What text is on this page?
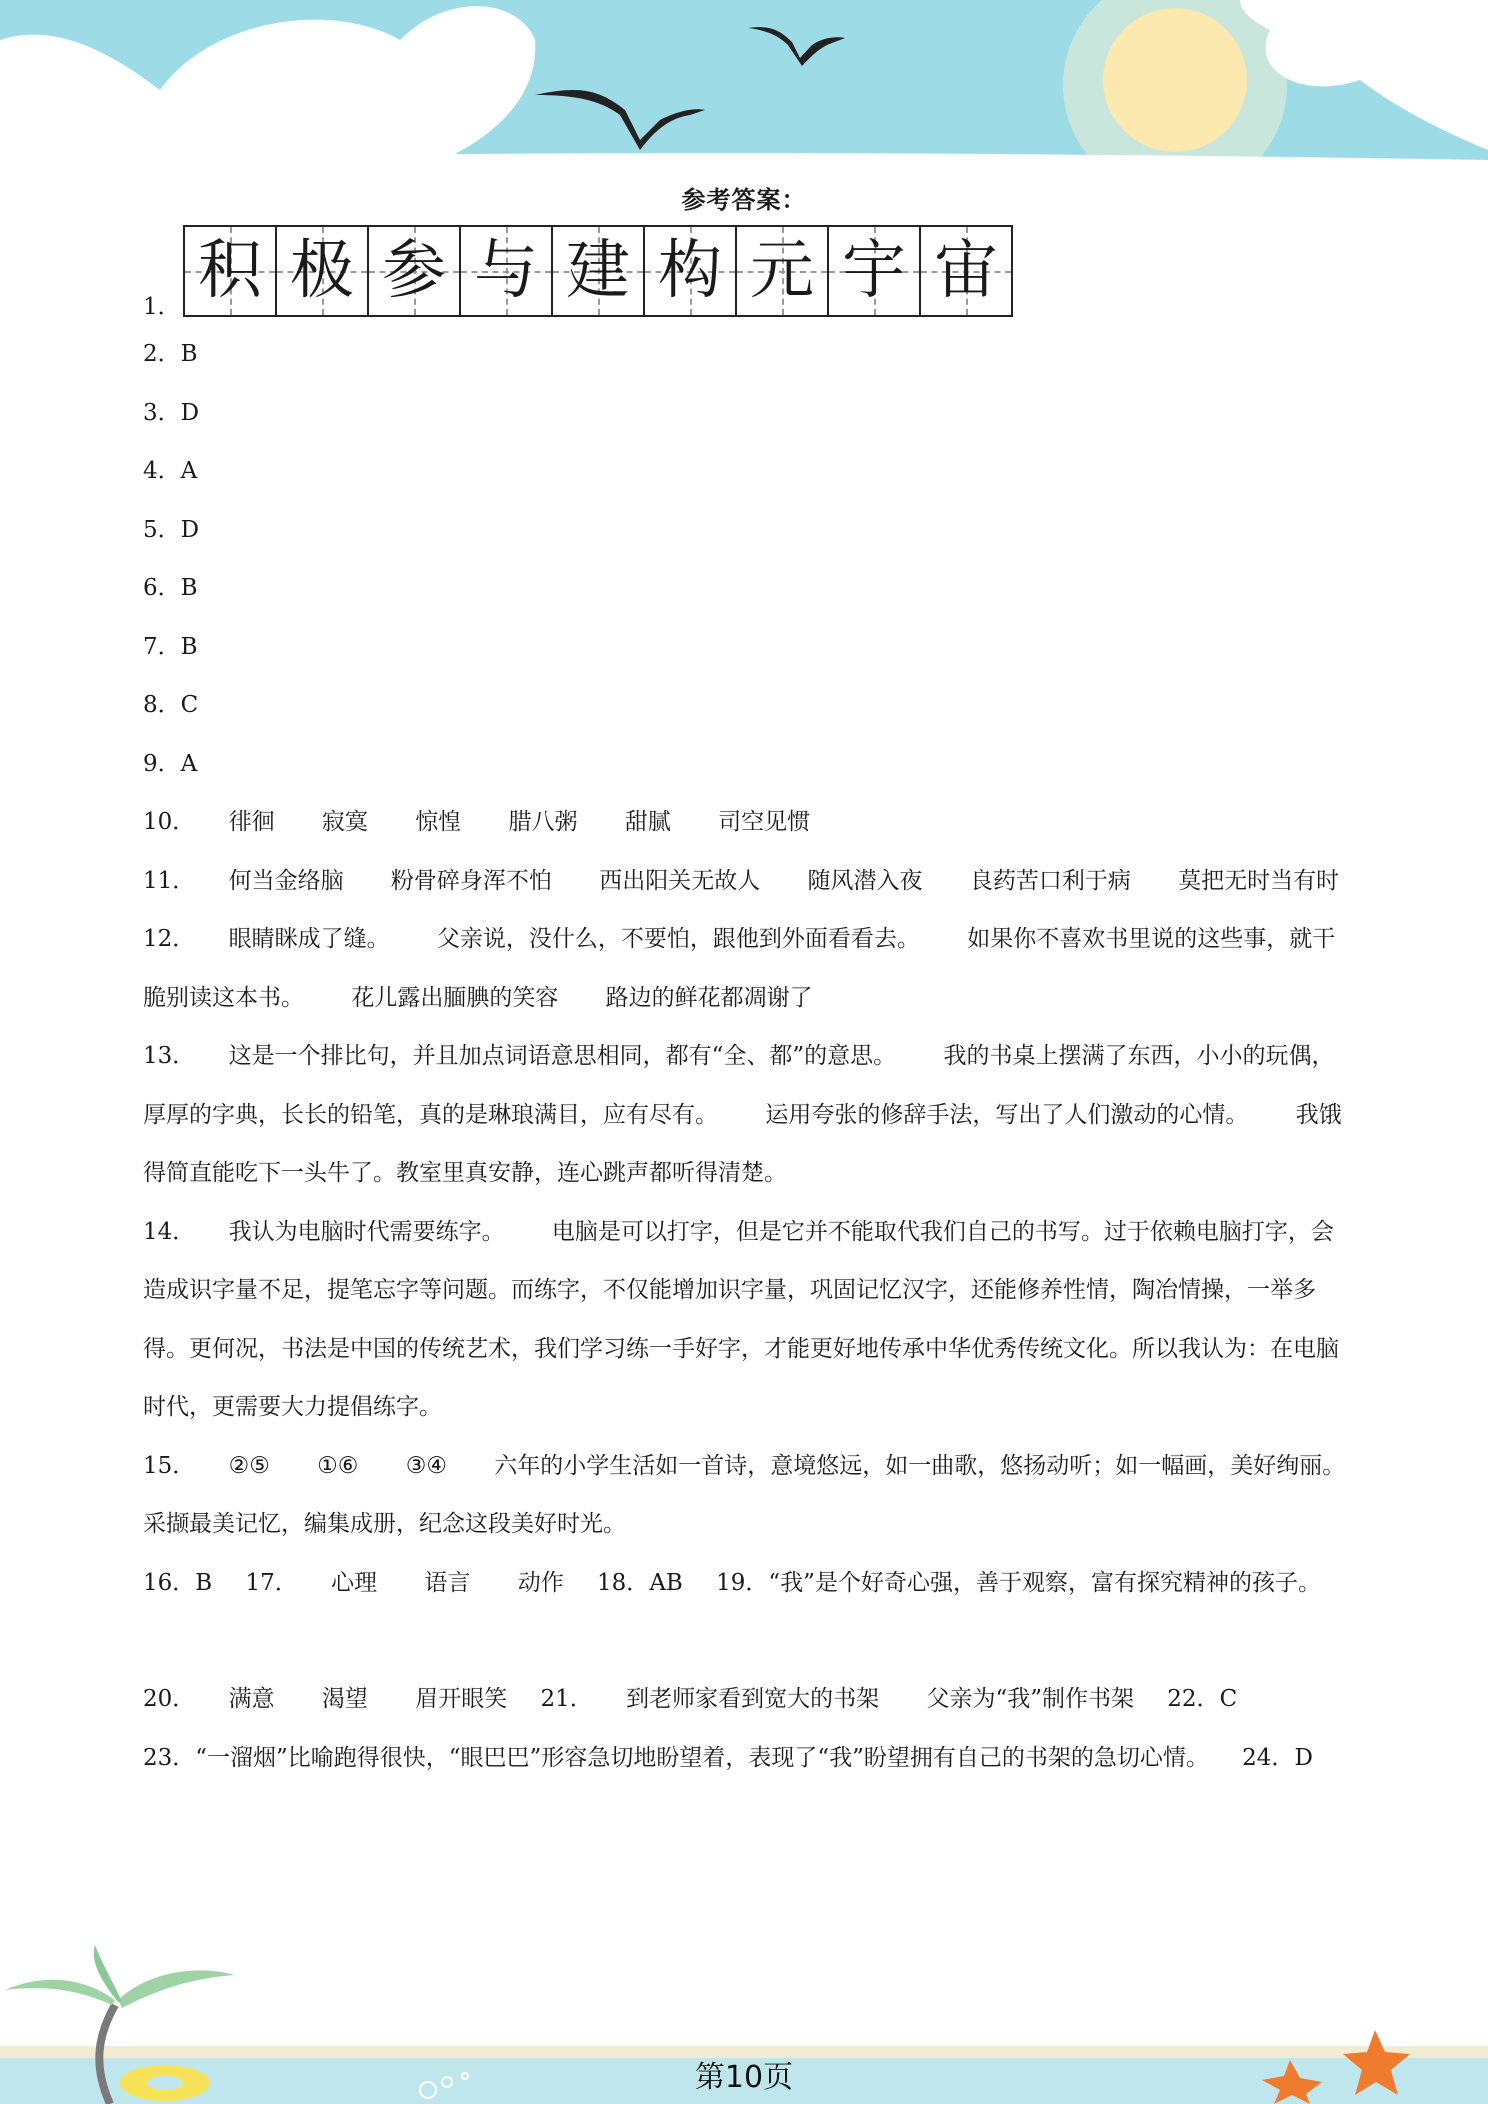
参考答案：
1． 积 极 参 与 建 构 元 宇 宙
2．B
3．D
4．A
5．D
6．B
7．B
8．C
9．A
10． 徘徊 寂寞 惊惶 腊八粥 甜腻 司空见惯
11． 何当金络脑 粉骨碎身浑不怕 西出阳关无故人 随风潜入夜 良药苦口利于病 莫把无时当有时
12． 眼睛眯成了缝。 父亲说，没什么，不要怕，跟他到外面看看去。 如果你不喜欢书里说的这些事，就干脆别读这本书。 花儿露出腼腆的笑容 路边的鲜花都凋谢了
13． 这是一个排比句，并且加点词语意思相同，都有“全、都”的意思。 我的书桌上摆满了东西，小小的玩偶，厚厚的字典，长长的铅笔，真的是琳琅满目，应有尽有。 运用夸张的修辞手法，写出了人们激动的心情。 我饿得简直能吃下一头牛了。教室里真安静，连心跳声都听得清楚。
14． 我认为电脑时代需要练字。 电脑是可以打字，但是它并不能取代我们自己的书写。过于依赖电脑打字，会造成识字量不足，提笔忘字等问题。而练字，不仅能增加识字量，巩固记忆汉字，还能修养性情，陶冶情操，一举多得。更何况，书法是中国的传统艺术，我们学习练一手好字，才能更好地传承中华优秀传统文化。所以我认为：在电脑时代，更需要大力提倡练字。
15． ②⑤ ①⑥ ③④ 六年的小学生活如一首诗，意境悠远，如一曲歌，悠扬动听；如一幅画，美好绚丽。采撷最美记忆，编集成册，纪念这段美好时光。
16．B 17． 心理 语言 动作 18．AB 19．“我”是个好奇心强，善于观察，富有探究精神的孩子。
20． 满意 渴望 眉开眼笑 21． 到老师家看到宽大的书架 父亲为“我”制作书架 22．C 23．“一溜烟”比喻跑得很快，“眼巴巴”形容急切地盼望着，表现了“我”盼望拥有自己的书架的急切心情。 24．D
第10页
